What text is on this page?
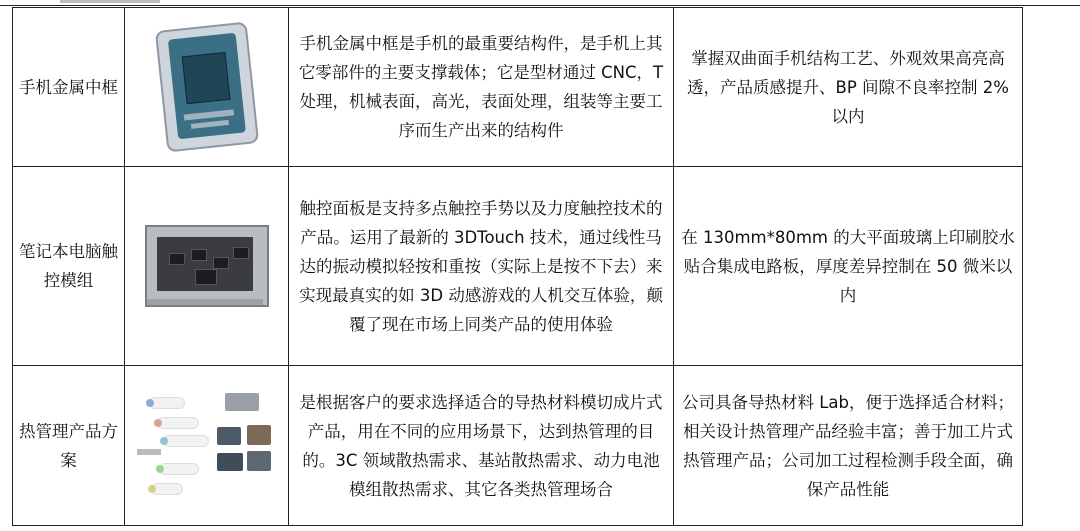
手机金属中框		手机金属中框是手机的最重要结构件，是手机上其它零部件的主要支撑载体；它是型材通过 CNC，T 处理，机械表面，高光，表面处理，组装等主要工序而生产出来的结构件	掌握双曲面手机结构工艺、外观效果高亮高透，产品质感提升、BP 间隙不良率控制 2%以内
笔记本电脑触控模组		触控面板是支持多点触控手势以及力度触控技术的产品。运用了最新的 3DTouch 技术，通过线性马达的振动模拟轻按和重按（实际上是按不下去）来实现最真实的如 3D 动感游戏的人机交互体验，颠覆了现在市场上同类产品的使用体验	在 130mm*80mm 的大平面玻璃上印刷胶水贴合集成电路板，厚度差异控制在 50 微米以内
热管理产品方案		是根据客户的要求选择适合的导热材料模切成片式产品，用在不同的应用场景下，达到热管理的目的。3C 领域散热需求、基站散热需求、动力电池模组散热需求、其它各类热管理场合	公司具备导热材料 Lab，便于选择适合材料；相关设计热管理产品经验丰富；善于加工片式热管理产品；公司加工过程检测手段全面，确保产品性能
